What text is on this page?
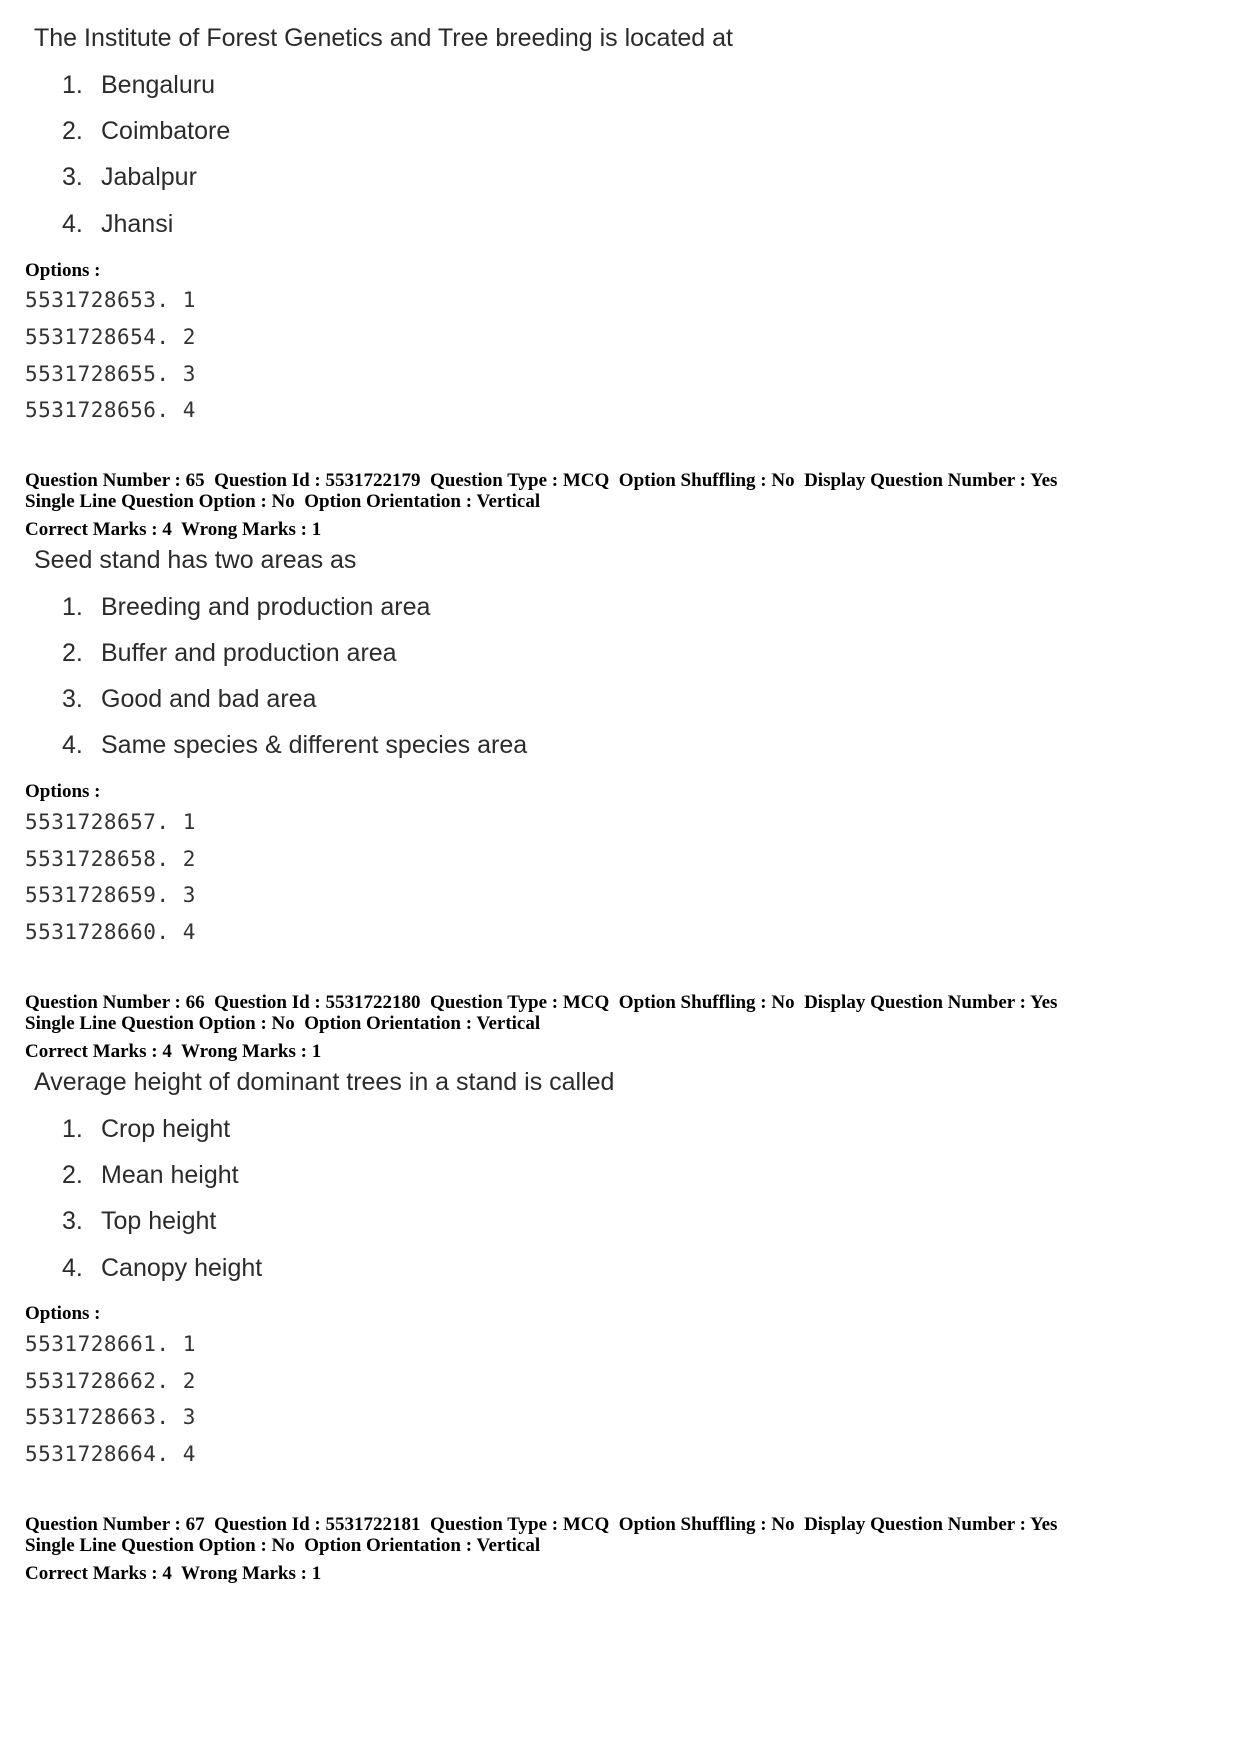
The Institute of Forest Genetics and Tree breeding is located at
1. Bengaluru
2. Coimbatore
3. Jabalpur
4. Jhansi
Options :
5531728653. 1
5531728654. 2
5531728655. 3
5531728656. 4
Question Number : 65  Question Id : 5531722179  Question Type : MCQ  Option Shuffling : No  Display Question Number : Yes
Single Line Question Option : No  Option Orientation : Vertical
Correct Marks : 4  Wrong Marks : 1
Seed stand has two areas as
1. Breeding and production area
2. Buffer and production area
3. Good and bad area
4. Same species & different species area
Options :
5531728657. 1
5531728658. 2
5531728659. 3
5531728660. 4
Question Number : 66  Question Id : 5531722180  Question Type : MCQ  Option Shuffling : No  Display Question Number : Yes
Single Line Question Option : No  Option Orientation : Vertical
Correct Marks : 4  Wrong Marks : 1
Average height of dominant trees in a stand is called
1. Crop height
2. Mean height
3. Top height
4. Canopy height
Options :
5531728661. 1
5531728662. 2
5531728663. 3
5531728664. 4
Question Number : 67  Question Id : 5531722181  Question Type : MCQ  Option Shuffling : No  Display Question Number : Yes
Single Line Question Option : No  Option Orientation : Vertical
Correct Marks : 4  Wrong Marks : 1
